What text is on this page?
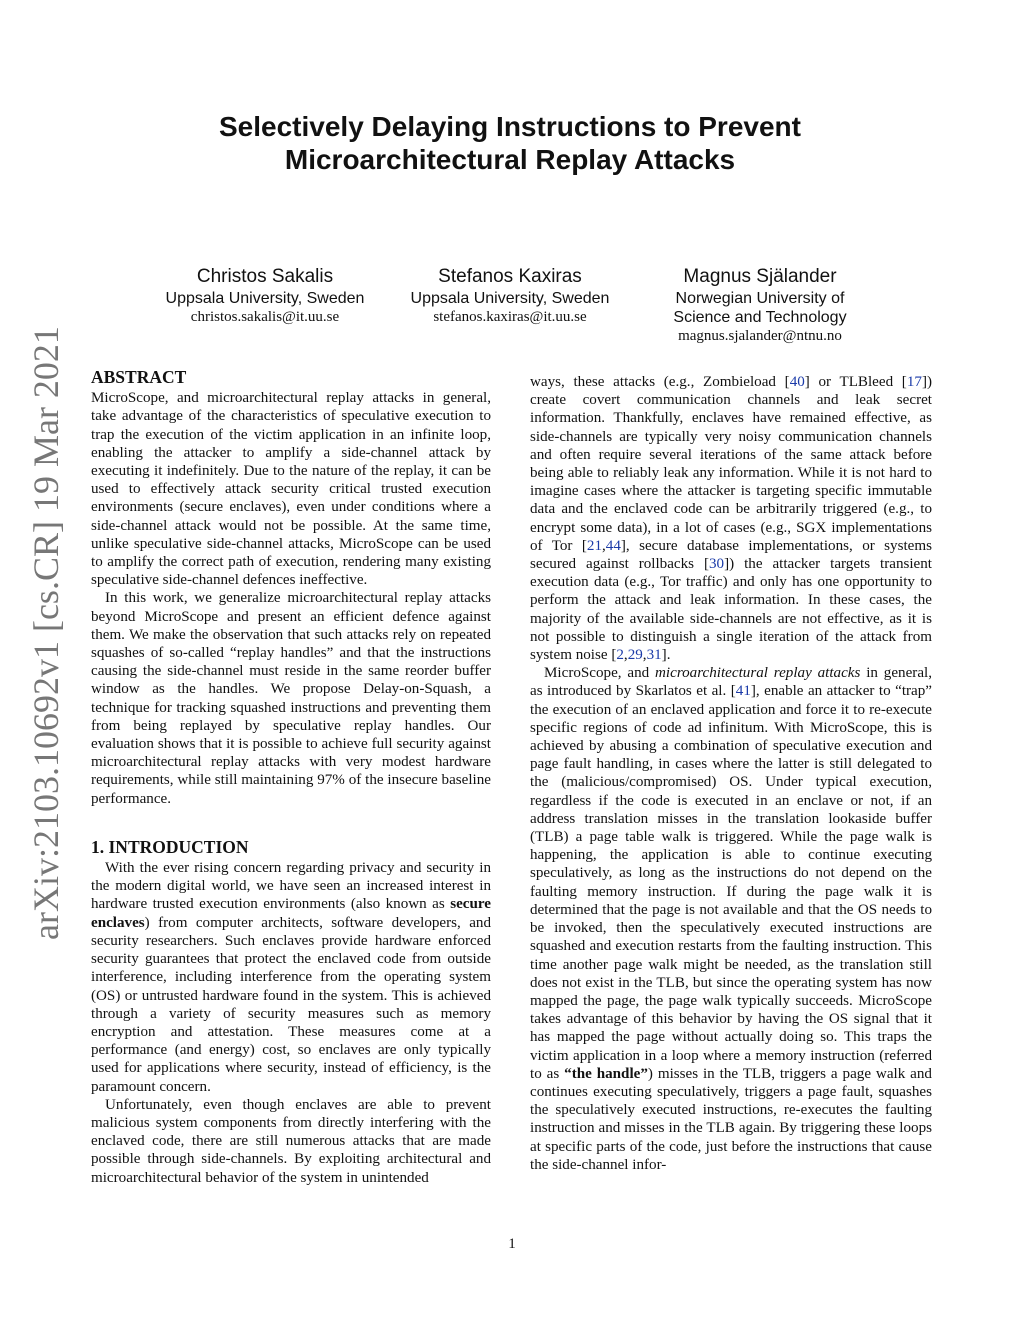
arXiv:2103.10692v1 [cs.CR] 19 Mar 2021
Selectively Delaying Instructions to Prevent
Microarchitectural Replay Attacks
Christos Sakalis
Uppsala University, Sweden
christos.sakalis@it.uu.se
Stefanos Kaxiras
Uppsala University, Sweden
stefanos.kaxiras@it.uu.se
Magnus Själander
Norwegian University of
Science and Technology
magnus.sjalander@ntnu.no
ABSTRACT

MicroScope, and microarchitectural replay attacks in general, take advantage of the characteristics of speculative execution to trap the execution of the victim application in an infinite loop, enabling the attacker to amplify a side-channel attack by executing it indefinitely. Due to the nature of the replay, it can be used to effectively attack security critical trusted execution environments (secure enclaves), even under conditions where a side-channel attack would not be possible. At the same time, unlike speculative side-channel attacks, MicroScope can be used to amplify the correct path of execution, rendering many existing speculative side-channel defences ineffective.

In this work, we generalize microarchitectural replay attacks beyond MicroScope and present an efficient defence against them. We make the observation that such attacks rely on repeated squashes of so-called “replay handles” and that the instructions causing the side-channel must reside in the same reorder buffer window as the handles. We propose Delay-on-Squash, a technique for tracking squashed instructions and preventing them from being replayed by speculative replay handles. Our evaluation shows that it is possible to achieve full security against microarchitectural replay attacks with very modest hardware requirements, while still maintaining 97% of the insecure baseline performance.

1. INTRODUCTION

With the ever rising concern regarding privacy and security in the modern digital world, we have seen an increased interest in hardware trusted execution environments (also known as secure enclaves) from computer architects, software developers, and security researchers. Such enclaves provide hardware enforced security guarantees that protect the enclaved code from outside interference, including interference from the operating system (OS) or untrusted hardware found in the system. This is achieved through a variety of security measures such as memory encryption and attestation. These measures come at a performance (and energy) cost, so enclaves are only typically used for applications where security, instead of efficiency, is the paramount concern.

Unfortunately, even though enclaves are able to prevent malicious system components from directly interfering with the enclaved code, there are still numerous attacks that are made possible through side-channels. By exploiting architectural and microarchitectural behavior of the system in unintended

ways, these attacks (e.g., Zombieload [40] or TLBleed [17]) create covert communication channels and leak secret information. Thankfully, enclaves have remained effective, as side-channels are typically very noisy communication channels and often require several iterations of the same attack before being able to reliably leak any information. While it is not hard to imagine cases where the attacker is targeting specific immutable data and the enclaved code can be arbitrarily triggered (e.g., to encrypt some data), in a lot of cases (e.g., SGX implementations of Tor [21,44], secure database implementations, or systems secured against rollbacks [30]) the attacker targets transient execution data (e.g., Tor traffic) and only has one opportunity to perform the attack and leak information. In these cases, the majority of the available side-channels are not effective, as it is not possible to distinguish a single iteration of the attack from system noise [2,29,31].

MicroScope, and microarchitectural replay attacks in general, as introduced by Skarlatos et al. [41], enable an attacker to “trap” the execution of an enclaved application and force it to re-execute specific regions of code ad infinitum. With MicroScope, this is achieved by abusing a combination of speculative execution and page fault handling, in cases where the latter is still delegated to the (malicious/compromised) OS. Under typical execution, regardless if the code is executed in an enclave or not, if an address translation misses in the translation lookaside buffer (TLB) a page table walk is triggered. While the page walk is happening, the application is able to continue executing speculatively, as long as the instructions do not depend on the faulting memory instruction. If during the page walk it is determined that the page is not available and that the OS needs to be invoked, then the speculatively executed instructions are squashed and execution restarts from the faulting instruction. This time another page walk might be needed, as the translation still does not exist in the TLB, but since the operating system has now mapped the page, the page walk typically succeeds. MicroScope takes advantage of this behavior by having the OS signal that it has mapped the page without actually doing so. This traps the victim application in a loop where a memory instruction (referred to as “the handle”) misses in the TLB, triggers a page walk and continues executing speculatively, triggers a page fault, squashes the speculatively executed instructions, re-executes the faulting instruction and misses in the TLB again. By triggering these loops at specific parts of the code, just before the instructions that cause the side-channel infor-

1
